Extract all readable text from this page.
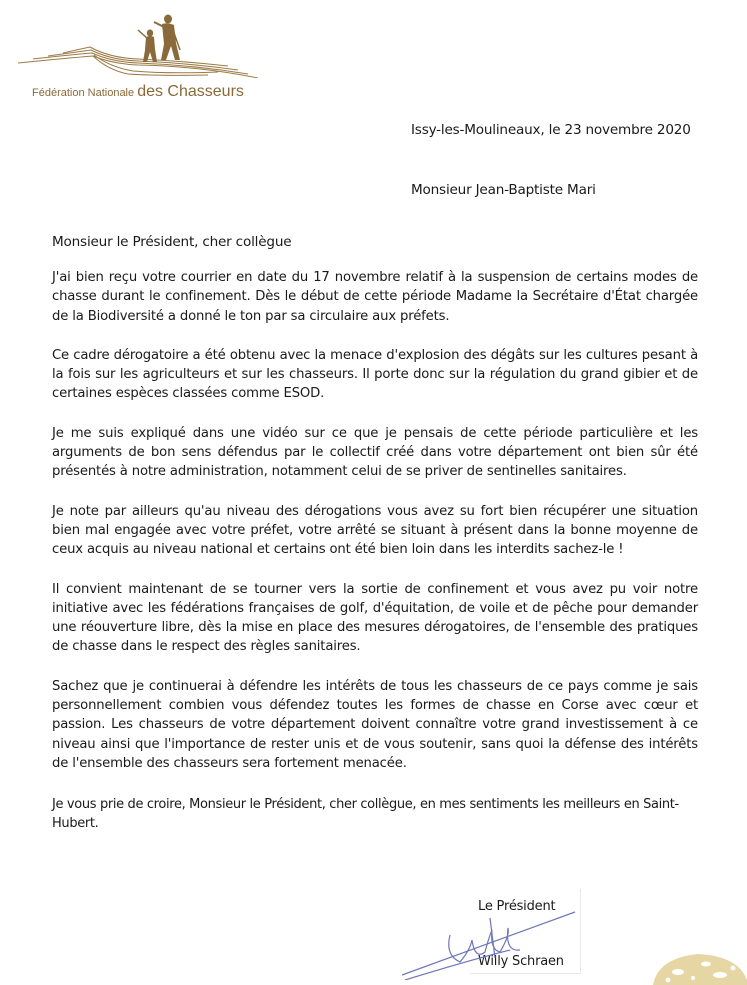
Fédération Nationale des Chasseurs
Issy-les-Moulineaux, le 23 novembre 2020
Monsieur Jean-Baptiste Mari
Monsieur le Président, cher collègue

J'ai bien reçu votre courrier en date du 17 novembre relatif à la suspension de certains modes de chasse durant le confinement. Dès le début de cette période Madame la Secrétaire d'État chargée de la Biodiversité a donné le ton par sa circulaire aux préfets.

Ce cadre dérogatoire a été obtenu avec la menace d'explosion des dégâts sur les cultures pesant à la fois sur les agriculteurs et sur les chasseurs. Il porte donc sur la régulation du grand gibier et de certaines espèces classées comme ESOD.

Je me suis expliqué dans une vidéo sur ce que je pensais de cette période particulière et les arguments de bon sens défendus par le collectif créé dans votre département ont bien sûr été présentés à notre administration, notamment celui de se priver de sentinelles sanitaires.

Je note par ailleurs qu'au niveau des dérogations vous avez su fort bien récupérer une situation bien mal engagée avec votre préfet, votre arrêté se situant à présent dans la bonne moyenne de ceux acquis au niveau national et certains ont été bien loin dans les interdits sachez-le !

Il convient maintenant de se tourner vers la sortie de confinement et vous avez pu voir notre initiative avec les fédérations françaises de golf, d'équitation, de voile et de pêche pour demander une réouverture libre, dès la mise en place des mesures dérogatoires, de l'ensemble des pratiques de chasse dans le respect des règles sanitaires.

Sachez que je continuerai à défendre les intérêts de tous les chasseurs de ce pays comme je sais personnellement combien vous défendez toutes les formes de chasse en Corse avec cœur et passion. Les chasseurs de votre département doivent connaître votre grand investissement à ce niveau ainsi que l'importance de rester unis et de vous soutenir, sans quoi la défense des intérêts de l'ensemble des chasseurs sera fortement menacée.

Je vous prie de croire, Monsieur le Président, cher collègue, en mes sentiments les meilleurs en Saint-Hubert.
Le Président
Willy Schraen
